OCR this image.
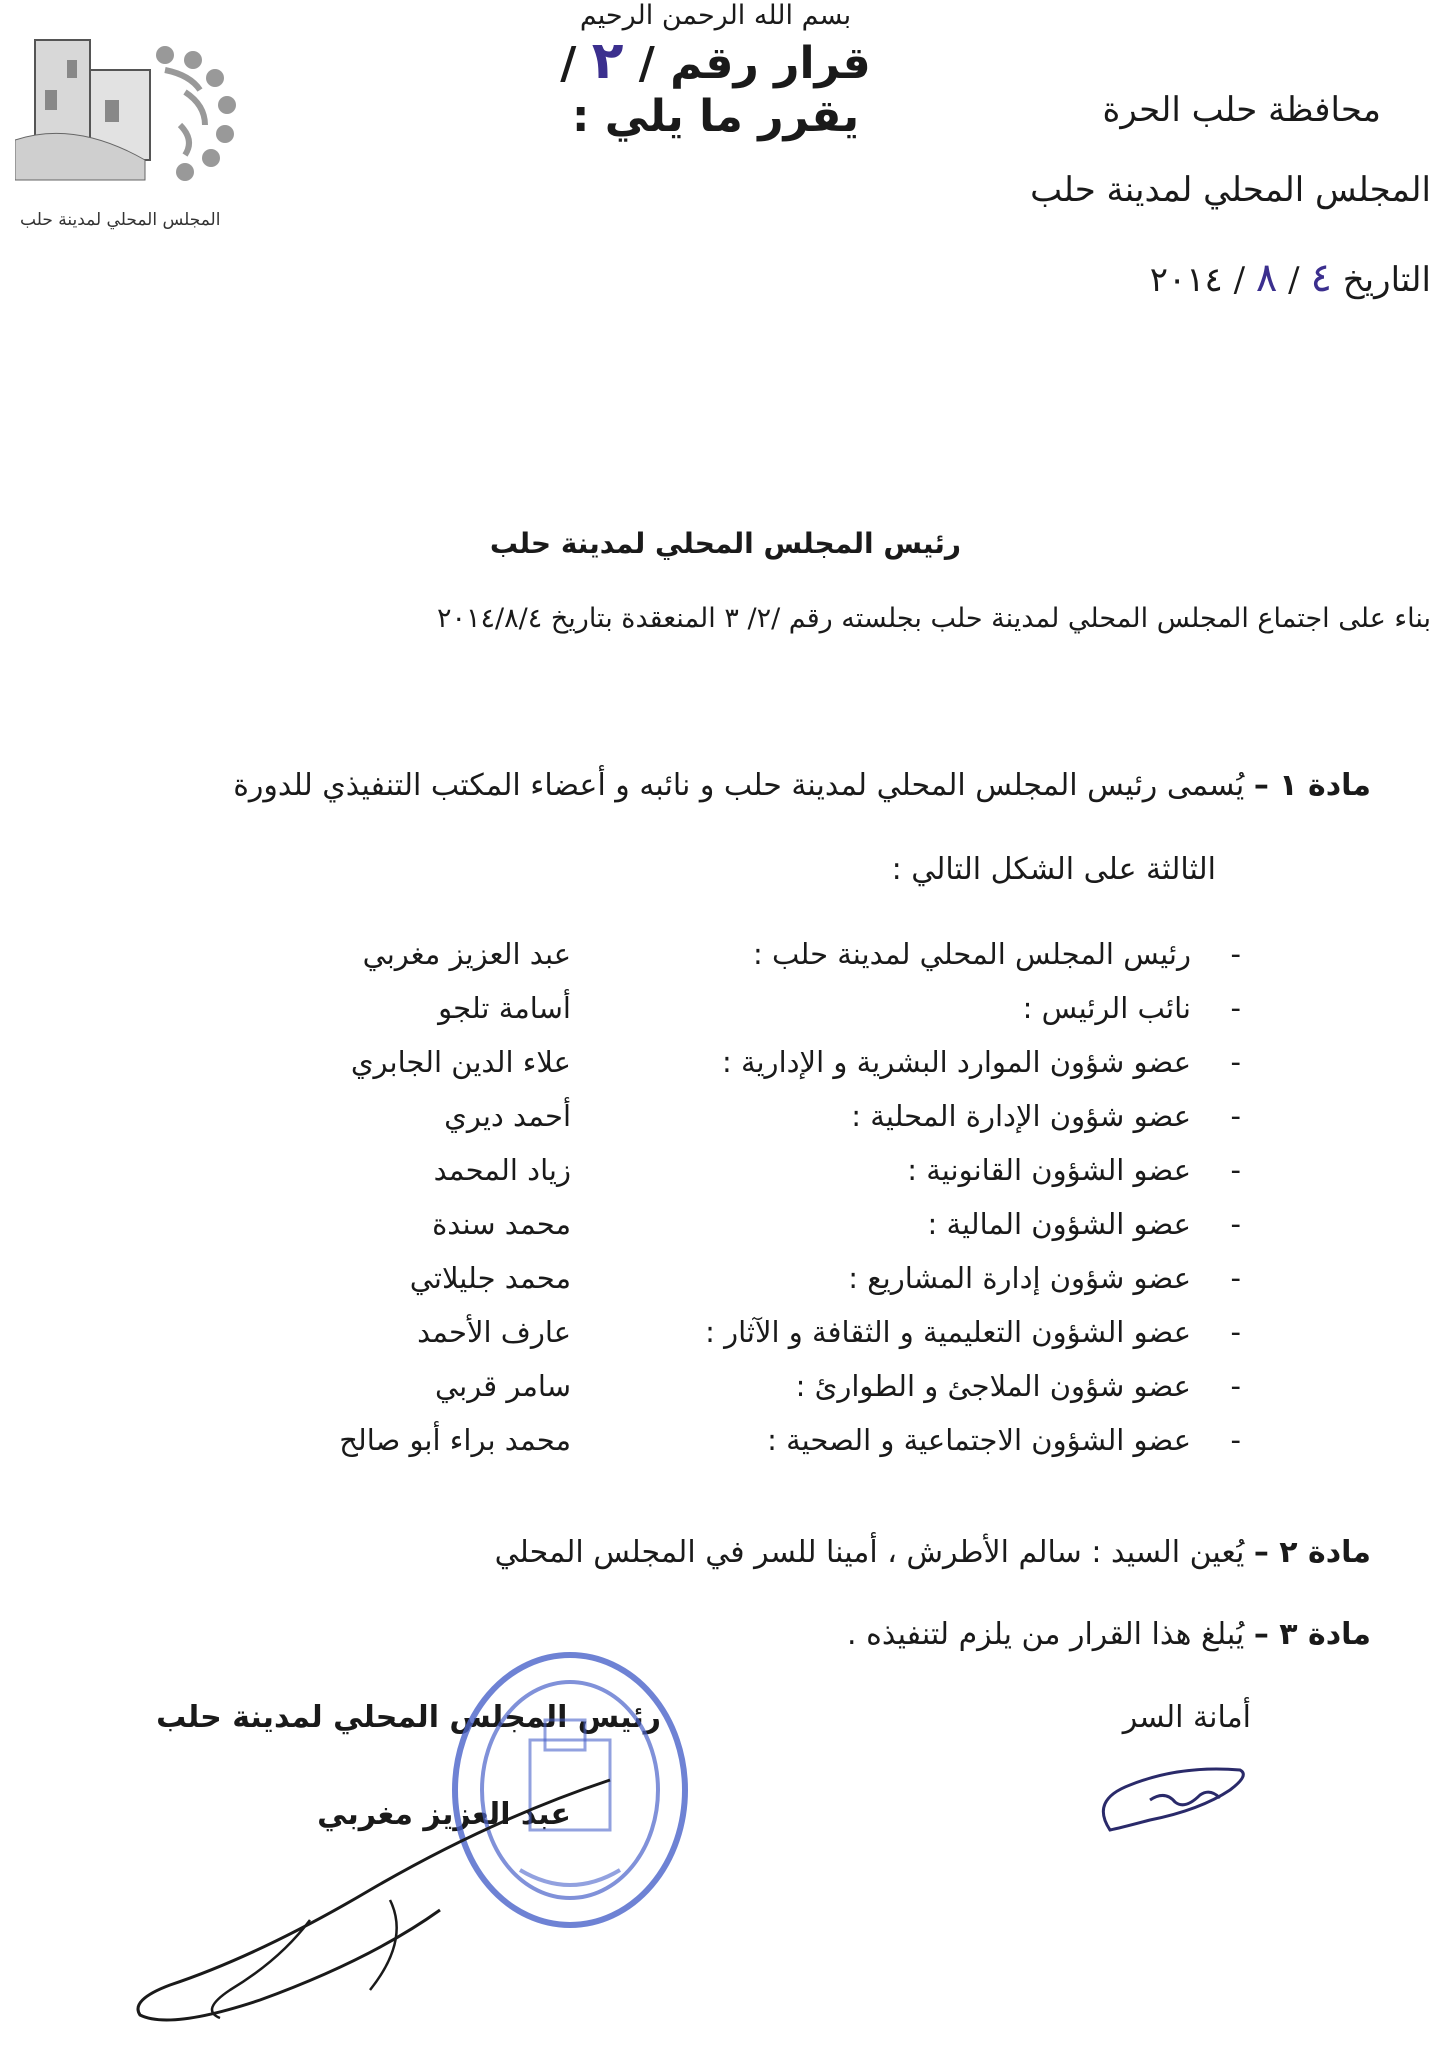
المجلس المحلي لمدينة حلب
بسم الله الرحمن الرحيم
محافظة حلب الحرة
المجلس المحلي لمدينة حلب
التاريخ ٤ / ٨ / ٢٠١٤
قرار رقم / ٢ /
رئيس المجلس المحلي لمدينة حلب
بناء على اجتماع المجلس المحلي لمدينة حلب بجلسته رقم /٢/ ٣ المنعقدة بتاريخ ٢٠١٤/٨/٤
يقرر ما يلي :
مادة ١ – يُسمى رئيس المجلس المحلي لمدينة حلب و نائبه و أعضاء المكتب التنفيذي للدورة
الثالثة على الشكل التالي :
-
رئيس المجلس المحلي لمدينة حلب :
عبد العزيز مغربي
-
نائب الرئيس :
أسامة تلجو
-
عضو شؤون الموارد البشرية و الإدارية :
علاء الدين الجابري
-
عضو شؤون الإدارة المحلية :
أحمد ديري
-
عضو الشؤون القانونية :
زياد المحمد
-
عضو الشؤون المالية :
محمد سندة
-
عضو شؤون إدارة المشاريع :
محمد جليلاتي
-
عضو الشؤون التعليمية و الثقافة و الآثار :
عارف الأحمد
-
عضو شؤون الملاجئ و الطوارئ :
سامر قربي
-
عضو الشؤون الاجتماعية و الصحية :
محمد براء أبو صالح
مادة ٢ – يُعين السيد : سالم الأطرش ، أمينا للسر في المجلس المحلي
مادة ٣ – يُبلغ هذا القرار من يلزم لتنفيذه .
أمانة السر
رئيس المجلس المحلي لمدينة حلب
عبد العزيز مغربي
